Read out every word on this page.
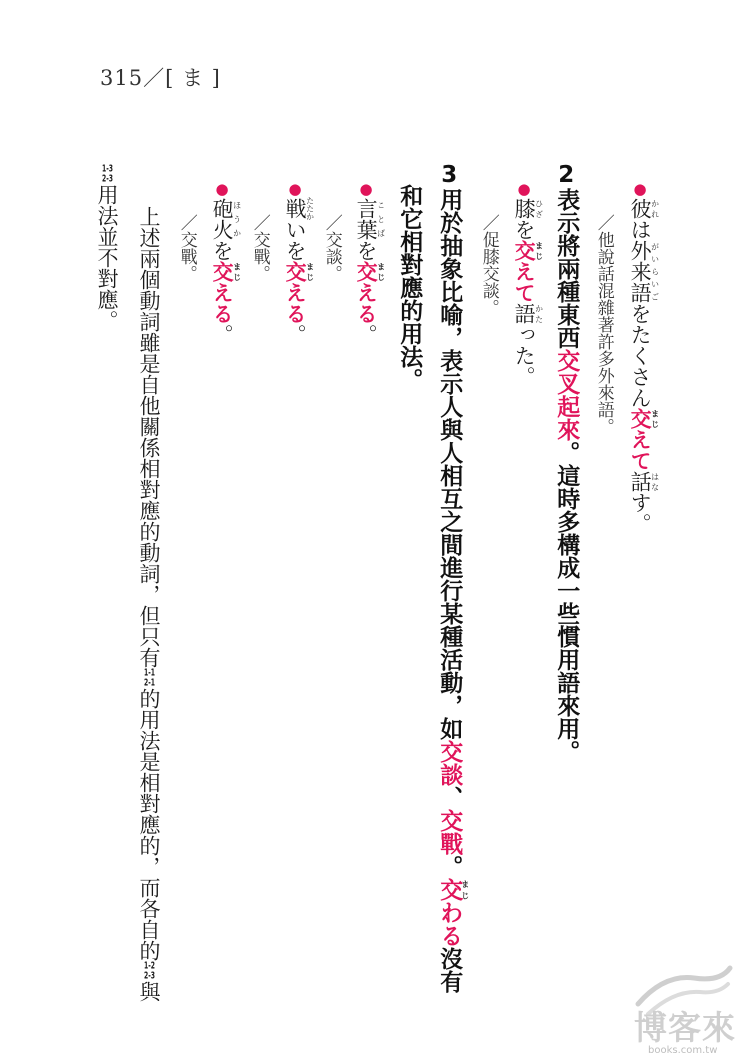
315／[ ま ]
●彼かれは外来語がいらいごをたくさん交まじえて話はなす。
／他說話混雜著許多外來語。
2表示將兩種東西交叉起來。這時多構成一些慣用語來用。
●膝ひざを交まじえて語かたった。
／促膝交談。
3用於抽象比喻，表示人與人相互之間進行某種活動，如交談、交戰。交まじわる沒有
和它相對應的用法。
●言葉ことばを交まじえる。
／交談。
●戦たたかいを交まじえる。
／交戰。
●砲火ほうかを交まじえる。
／交戰。
上述兩個動詞雖是自他關係相對應的動詞，但只有1-12-1的用法是相對應的，而各自的1-22-3與
1-32-3用法並不對應。
博客來
books.com.tw
